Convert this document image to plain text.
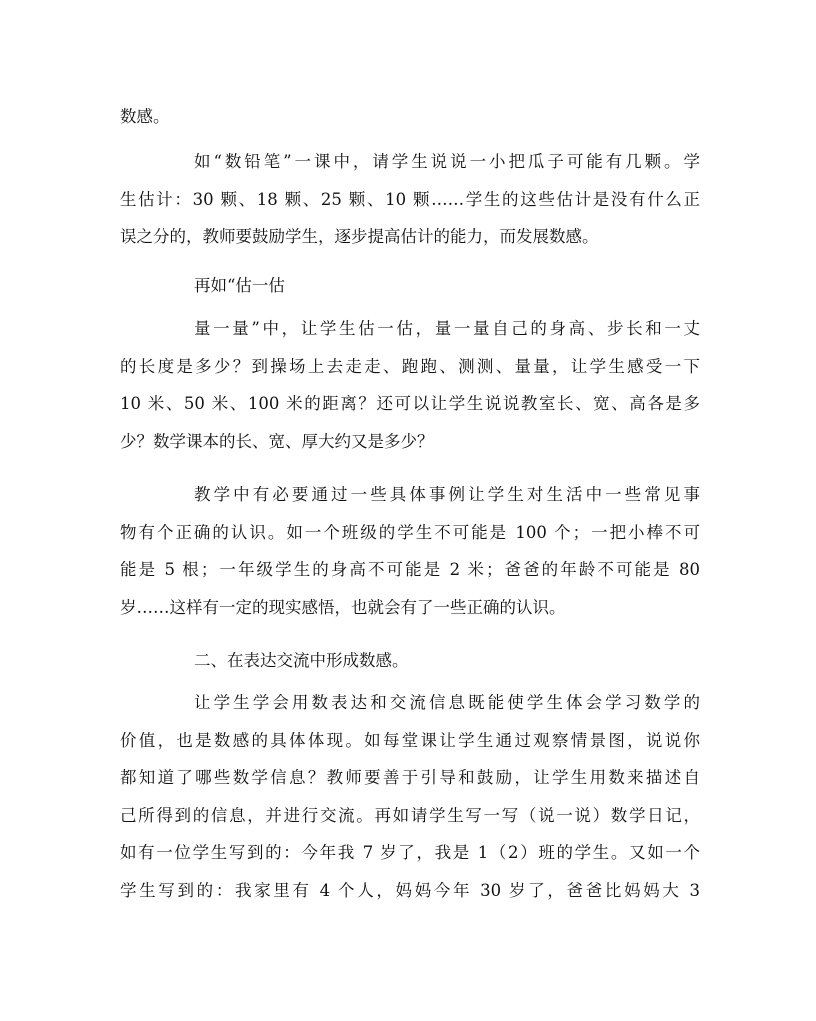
数感。

如“数铅笔”一课中，请学生说说一小把瓜子可能有几颗。学
生估计：30 颗、18 颗、25 颗、10 颗……学生的这些估计是没有什么正
误之分的，教师要鼓励学生，逐步提高估计的能力，而发展数感。

再如“估一估

量一量”中，让学生估一估，量一量自己的身高、步长和一丈
的长度是多少？到操场上去走走、跑跑、测测、量量，让学生感受一下
10 米、50 米、100 米的距离？还可以让学生说说教室长、宽、高各是多
少？数学课本的长、宽、厚大约又是多少？

教学中有必要通过一些具体事例让学生对生活中一些常见事
物有个正确的认识。如一个班级的学生不可能是 100 个；一把小棒不可
能是 5 根；一年级学生的身高不可能是 2 米；爸爸的年龄不可能是 80
岁……这样有一定的现实感悟，也就会有了一些正确的认识。

二、在表达交流中形成数感。

让学生学会用数表达和交流信息既能使学生体会学习数学的
价值，也是数感的具体体现。如每堂课让学生通过观察情景图，说说你
都知道了哪些数学信息？教师要善于引导和鼓励，让学生用数来描述自
己所得到的信息，并进行交流。再如请学生写一写（说一说）数学日记，
如有一位学生写到的：今年我 7 岁了，我是 1（2）班的学生。又如一个
学生写到的：我家里有 4 个人，妈妈今年 30 岁了，爸爸比妈妈大 3
